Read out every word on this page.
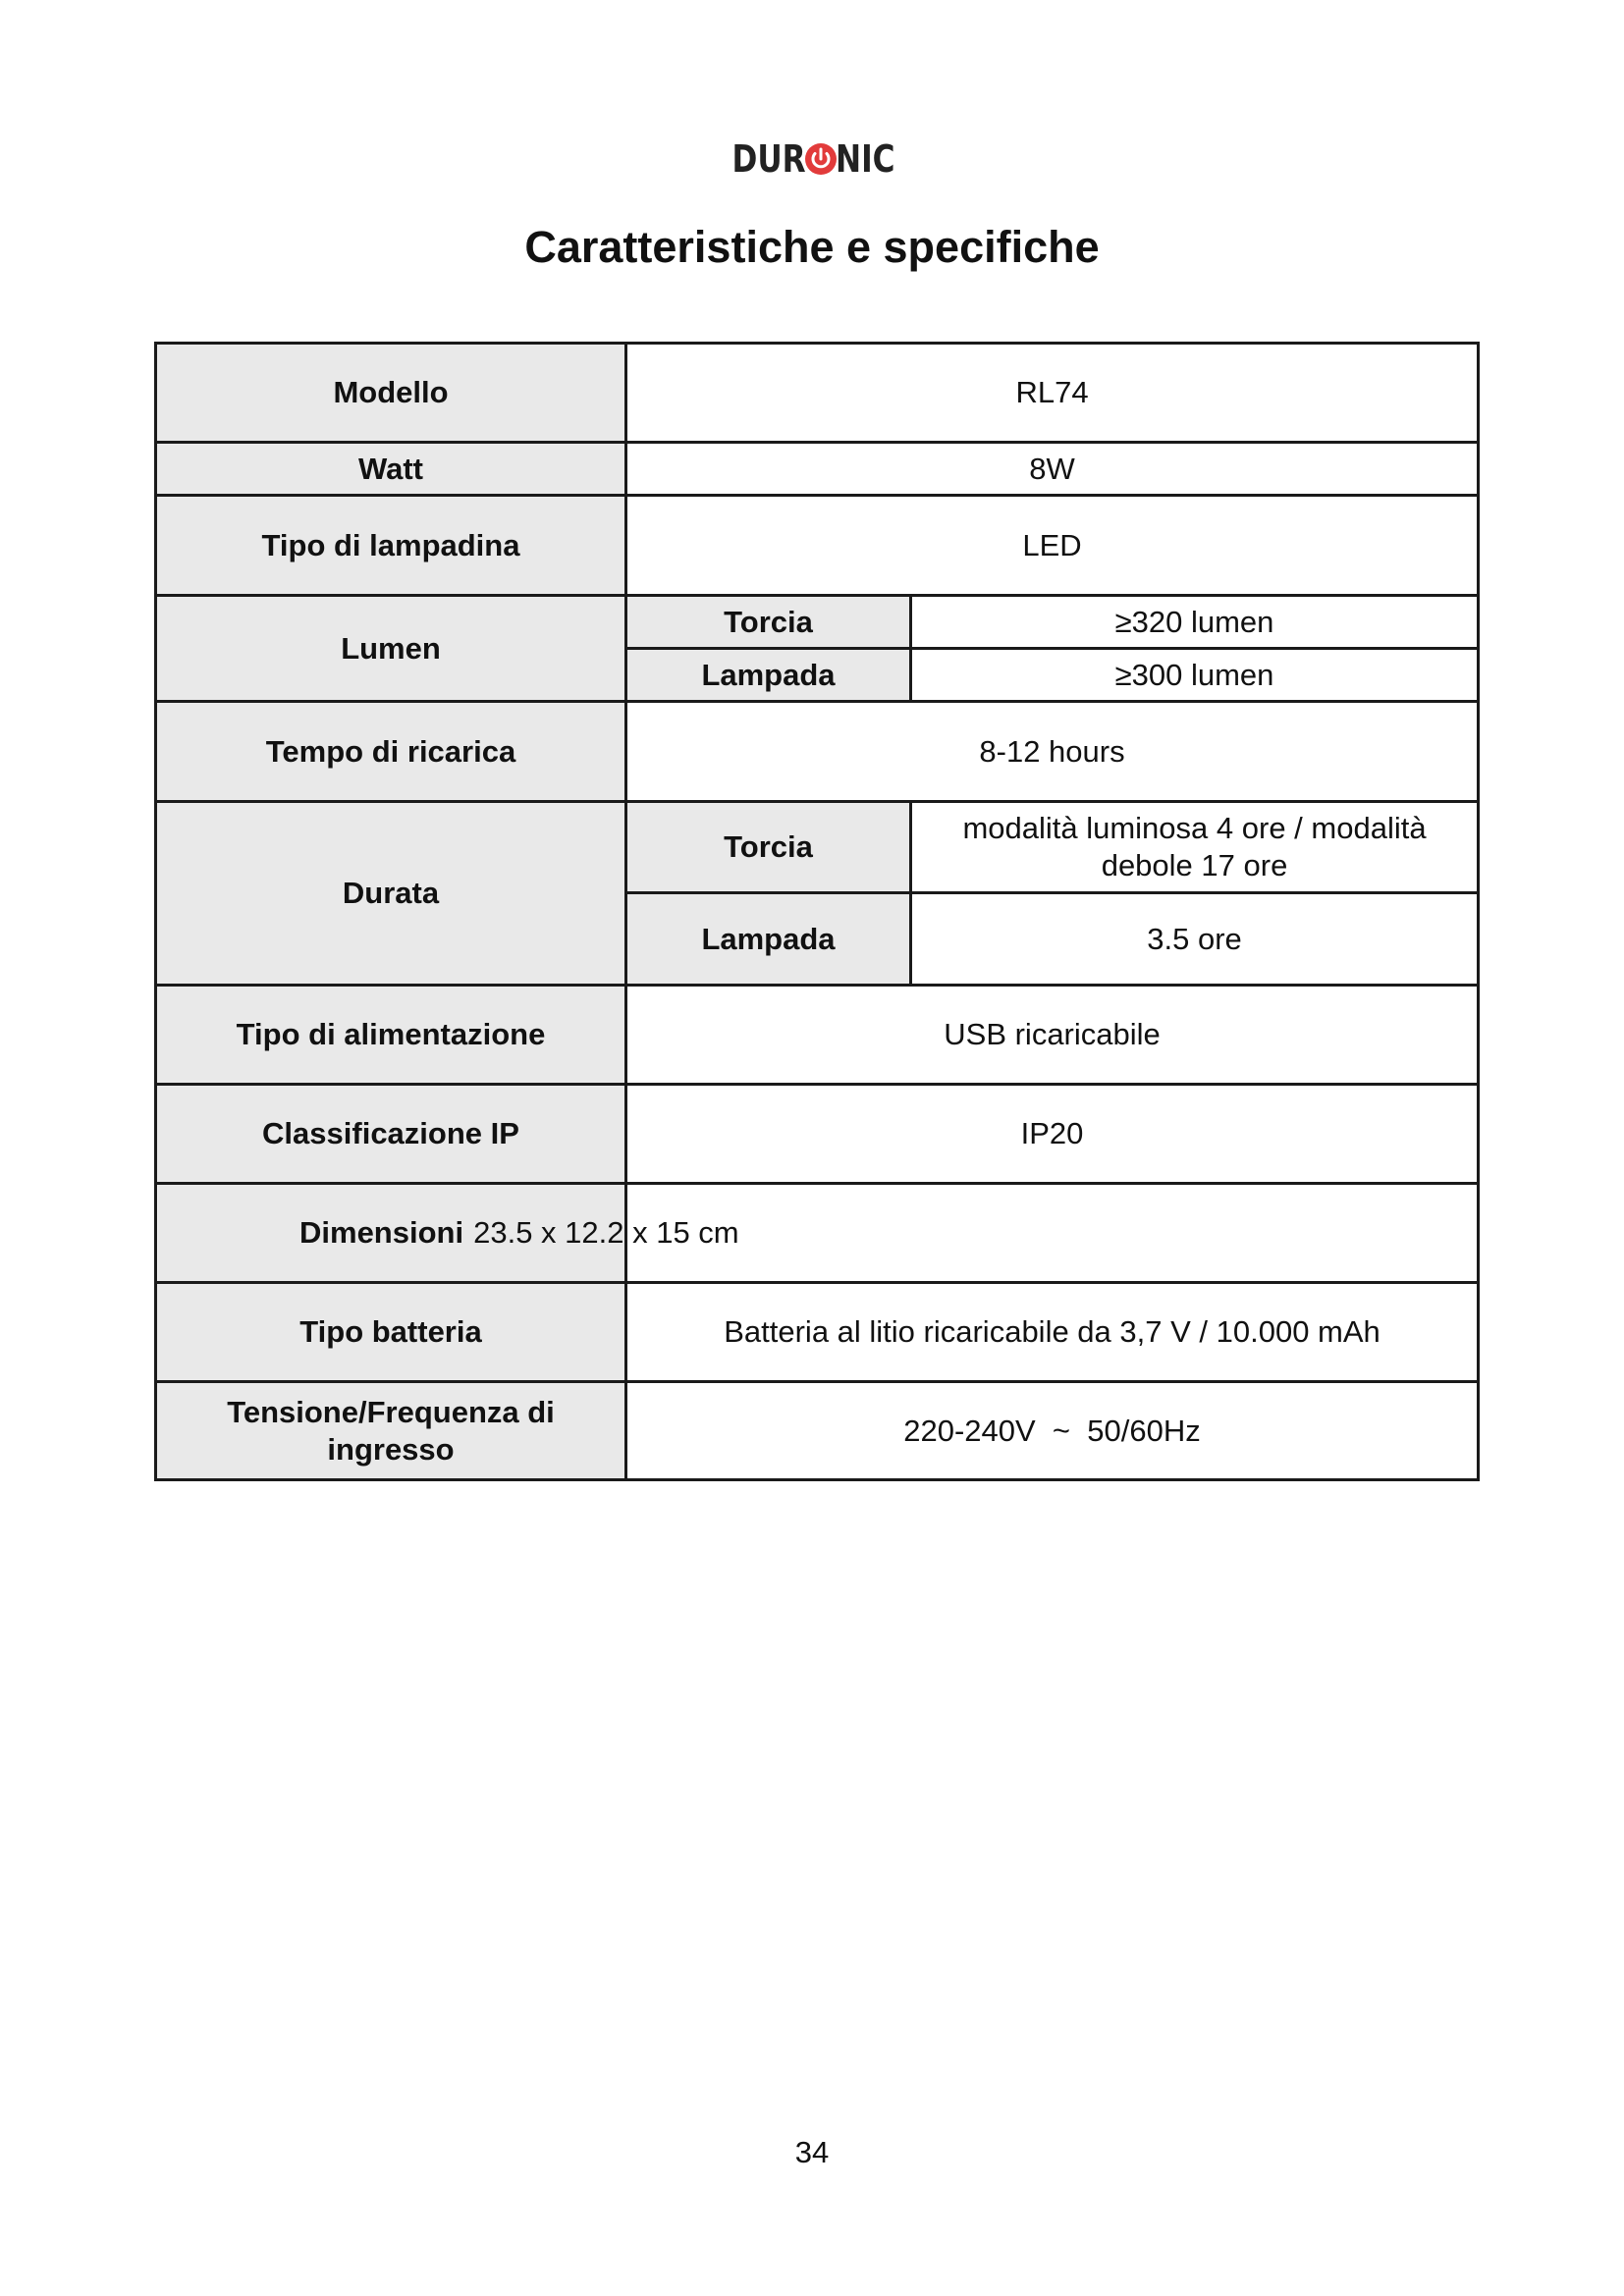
DUR NIC
Caratteristiche e specifiche
Modello	RL74	
Watt	8W	
Tipo di lampadina	LED	
Lumen	Torcia	≥320 lumen
	Lampada	≥300 lumen
Tempo di ricarica	8-12 hours	
Durata	Torcia	modalità luminosa 4 ore / modalità debole 17 ore
	Lampada	3.5 ore
Tipo di alimentazione	USB ricaricabile	
Classificazione IP	IP20	

Dimensioni 23.5 x 12.2 x 15 cm		

Tipo batteria	Batteria al litio ricaricabile da 3,7 V / 10.000 mAh	
Tensione/Frequenza di ingresso	220-240V  ~  50/60Hz	
34
